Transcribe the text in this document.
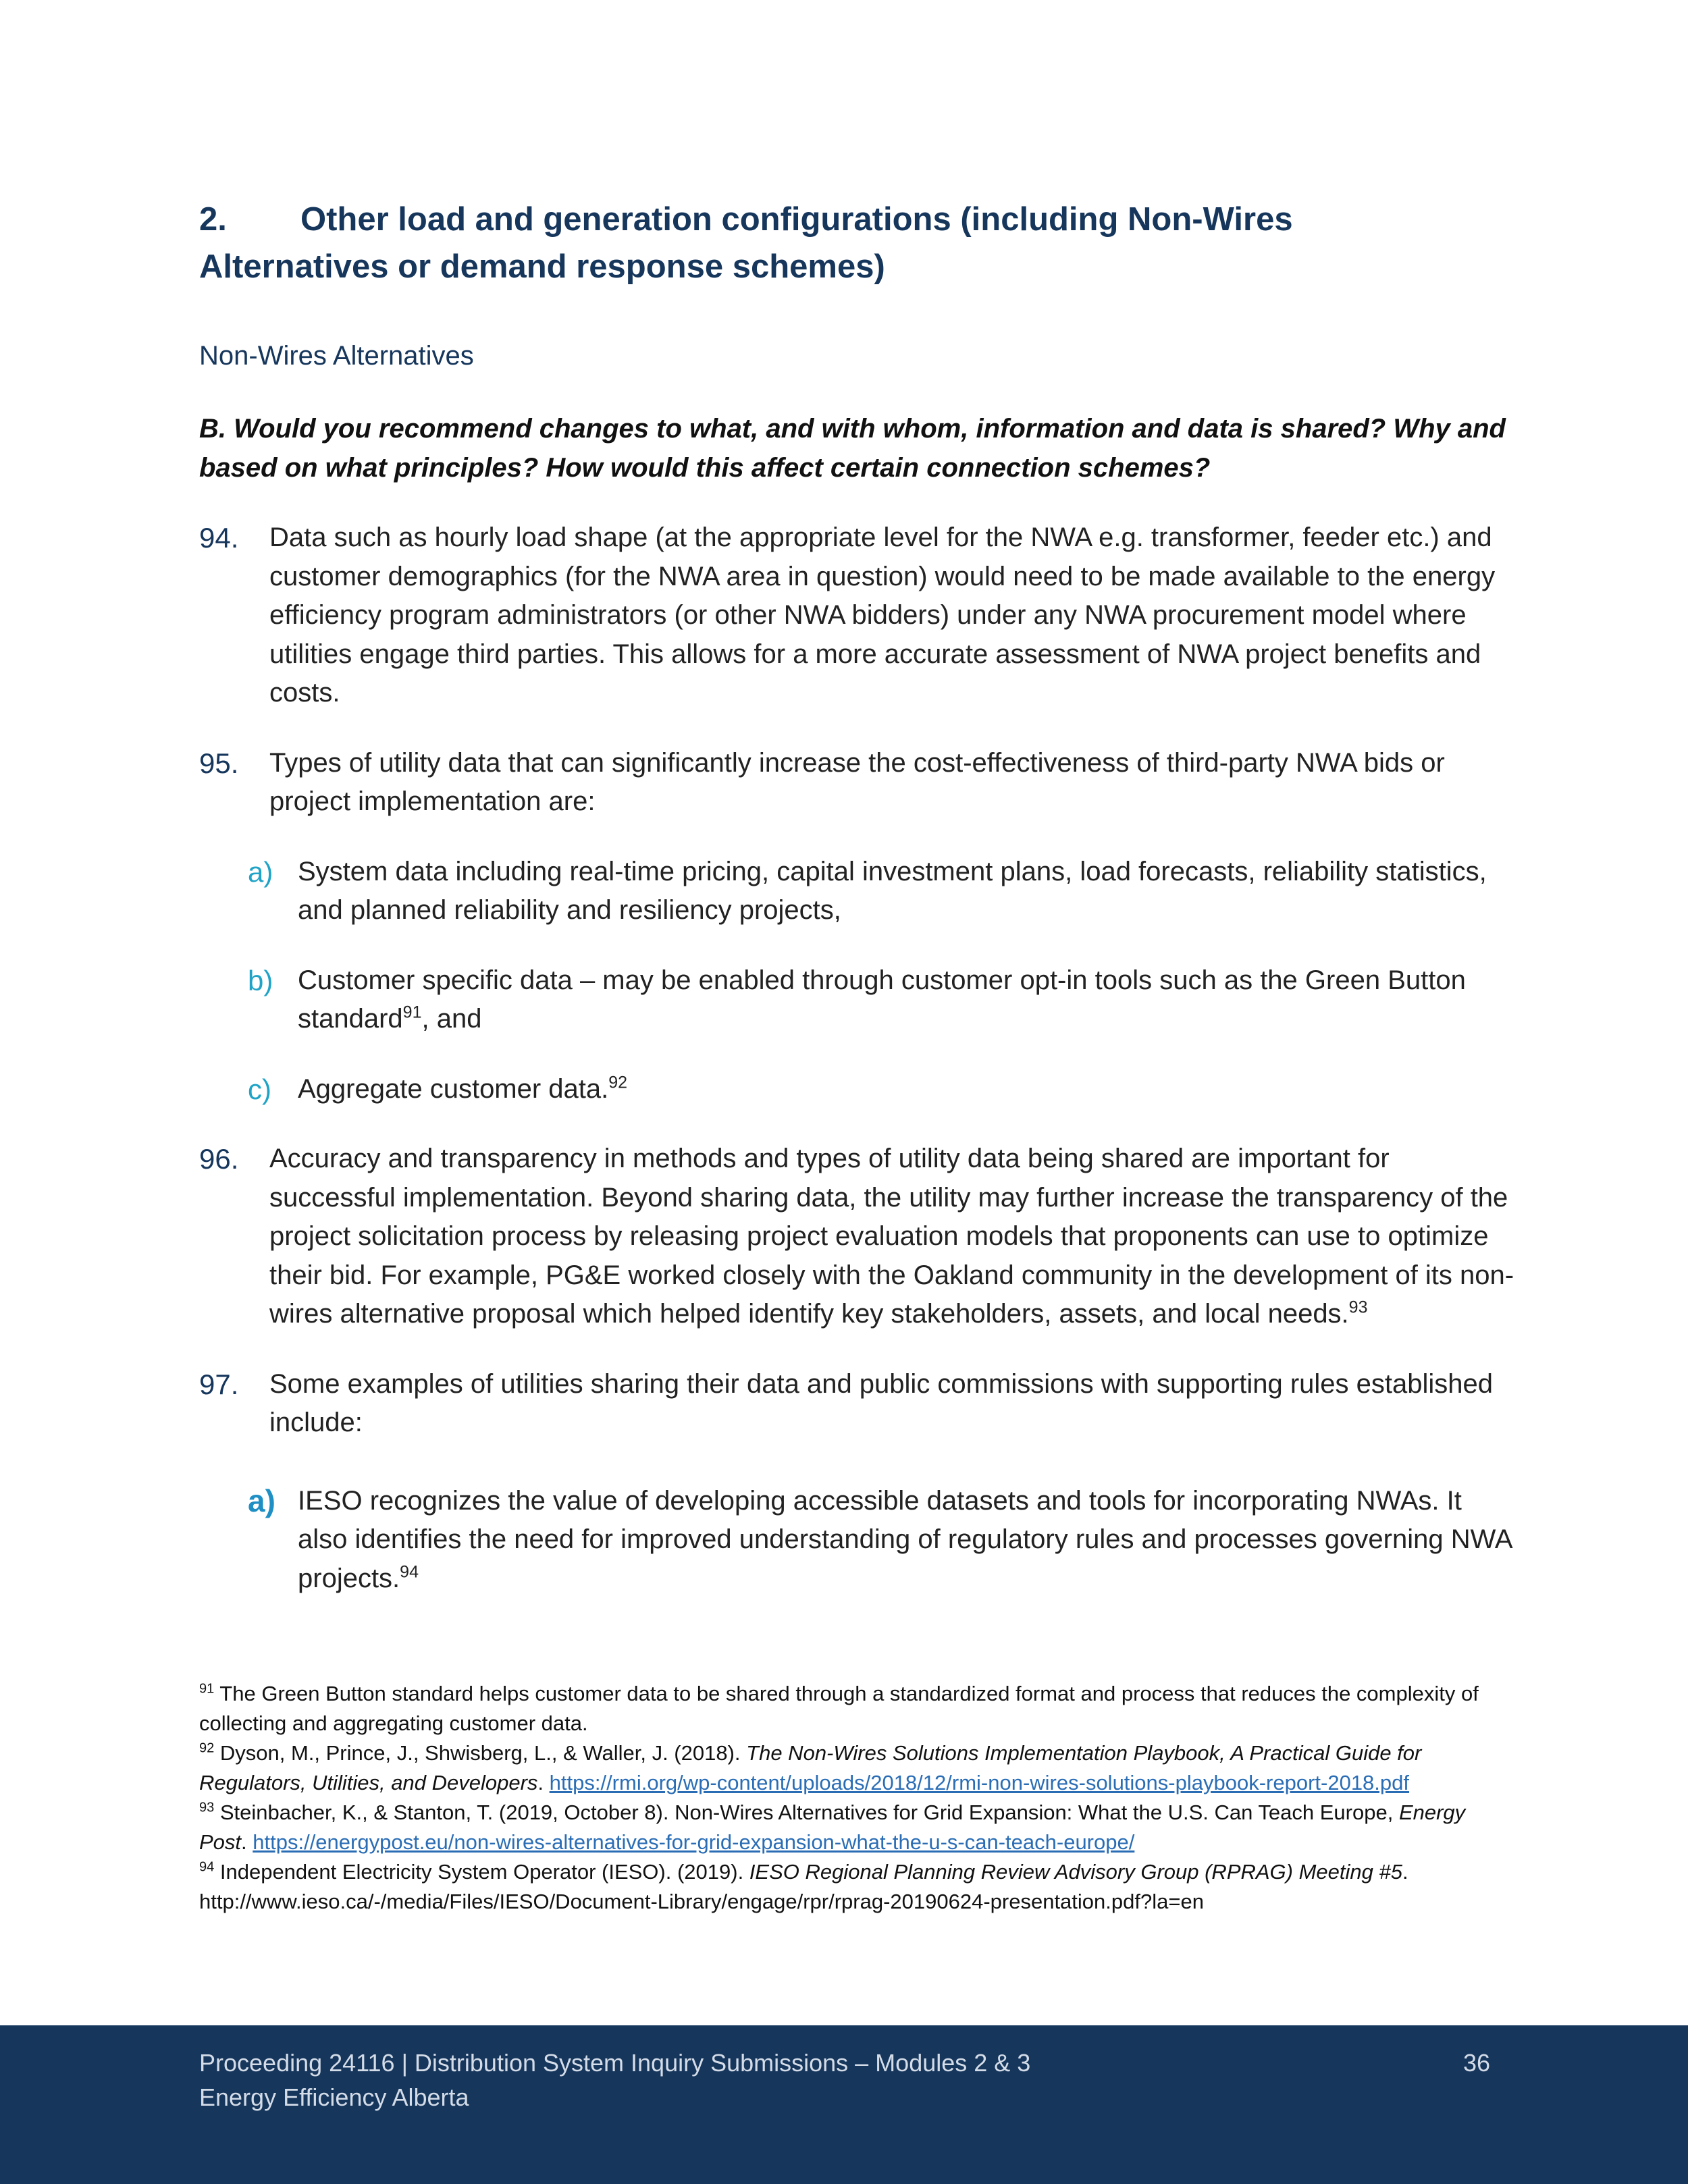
2. Other load and generation configurations (including Non-Wires
Alternatives or demand response schemes)
Non-Wires Alternatives
B. Would you recommend changes to what, and with whom, information and data is shared? Why and based on what principles? How would this affect certain connection schemes?
94. Data such as hourly load shape (at the appropriate level for the NWA e.g. transformer, feeder etc.) and customer demographics (for the NWA area in question) would need to be made available to the energy efficiency program administrators (or other NWA bidders) under any NWA procurement model where utilities engage third parties. This allows for a more accurate assessment of NWA project benefits and costs.
95. Types of utility data that can significantly increase the cost-effectiveness of third-party NWA bids or project implementation are:
a) System data including real-time pricing, capital investment plans, load forecasts, reliability statistics, and planned reliability and resiliency projects,
b) Customer specific data – may be enabled through customer opt-in tools such as the Green Button standard$^{91}$, and
c) Aggregate customer data.$^{92}$
96. Accuracy and transparency in methods and types of utility data being shared are important for successful implementation. Beyond sharing data, the utility may further increase the transparency of the project solicitation process by releasing project evaluation models that proponents can use to optimize their bid. For example, PG&E worked closely with the Oakland community in the development of its non-wires alternative proposal which helped identify key stakeholders, assets, and local needs.$^{93}$
97. Some examples of utilities sharing their data and public commissions with supporting rules established include:
a) IESO recognizes the value of developing accessible datasets and tools for incorporating NWAs. It also identifies the need for improved understanding of regulatory rules and processes governing NWA projects.$^{94}$
$^{91}$ The Green Button standard helps customer data to be shared through a standardized format and process that reduces the complexity of collecting and aggregating customer data.
$^{92}$ Dyson, M., Prince, J., Shwisberg, L., & Waller, J. (2018). The Non-Wires Solutions Implementation Playbook, A Practical Guide for Regulators, Utilities, and Developers. https://rmi.org/wp-content/uploads/2018/12/rmi-non-wires-solutions-playbook-report-2018.pdf
$^{93}$ Steinbacher, K., & Stanton, T. (2019, October 8). Non-Wires Alternatives for Grid Expansion: What the U.S. Can Teach Europe, Energy Post. https://energypost.eu/non-wires-alternatives-for-grid-expansion-what-the-u-s-can-teach-europe/
$^{94}$ Independent Electricity System Operator (IESO). (2019). IESO Regional Planning Review Advisory Group (RPRAG) Meeting #5. http://www.ieso.ca/-/media/Files/IESO/Document-Library/engage/rpr/rprag-20190624-presentation.pdf?la=en
Proceeding 24116 | Distribution System Inquiry Submissions – Modules 2 & 3
Energy Efficiency Alberta
36
